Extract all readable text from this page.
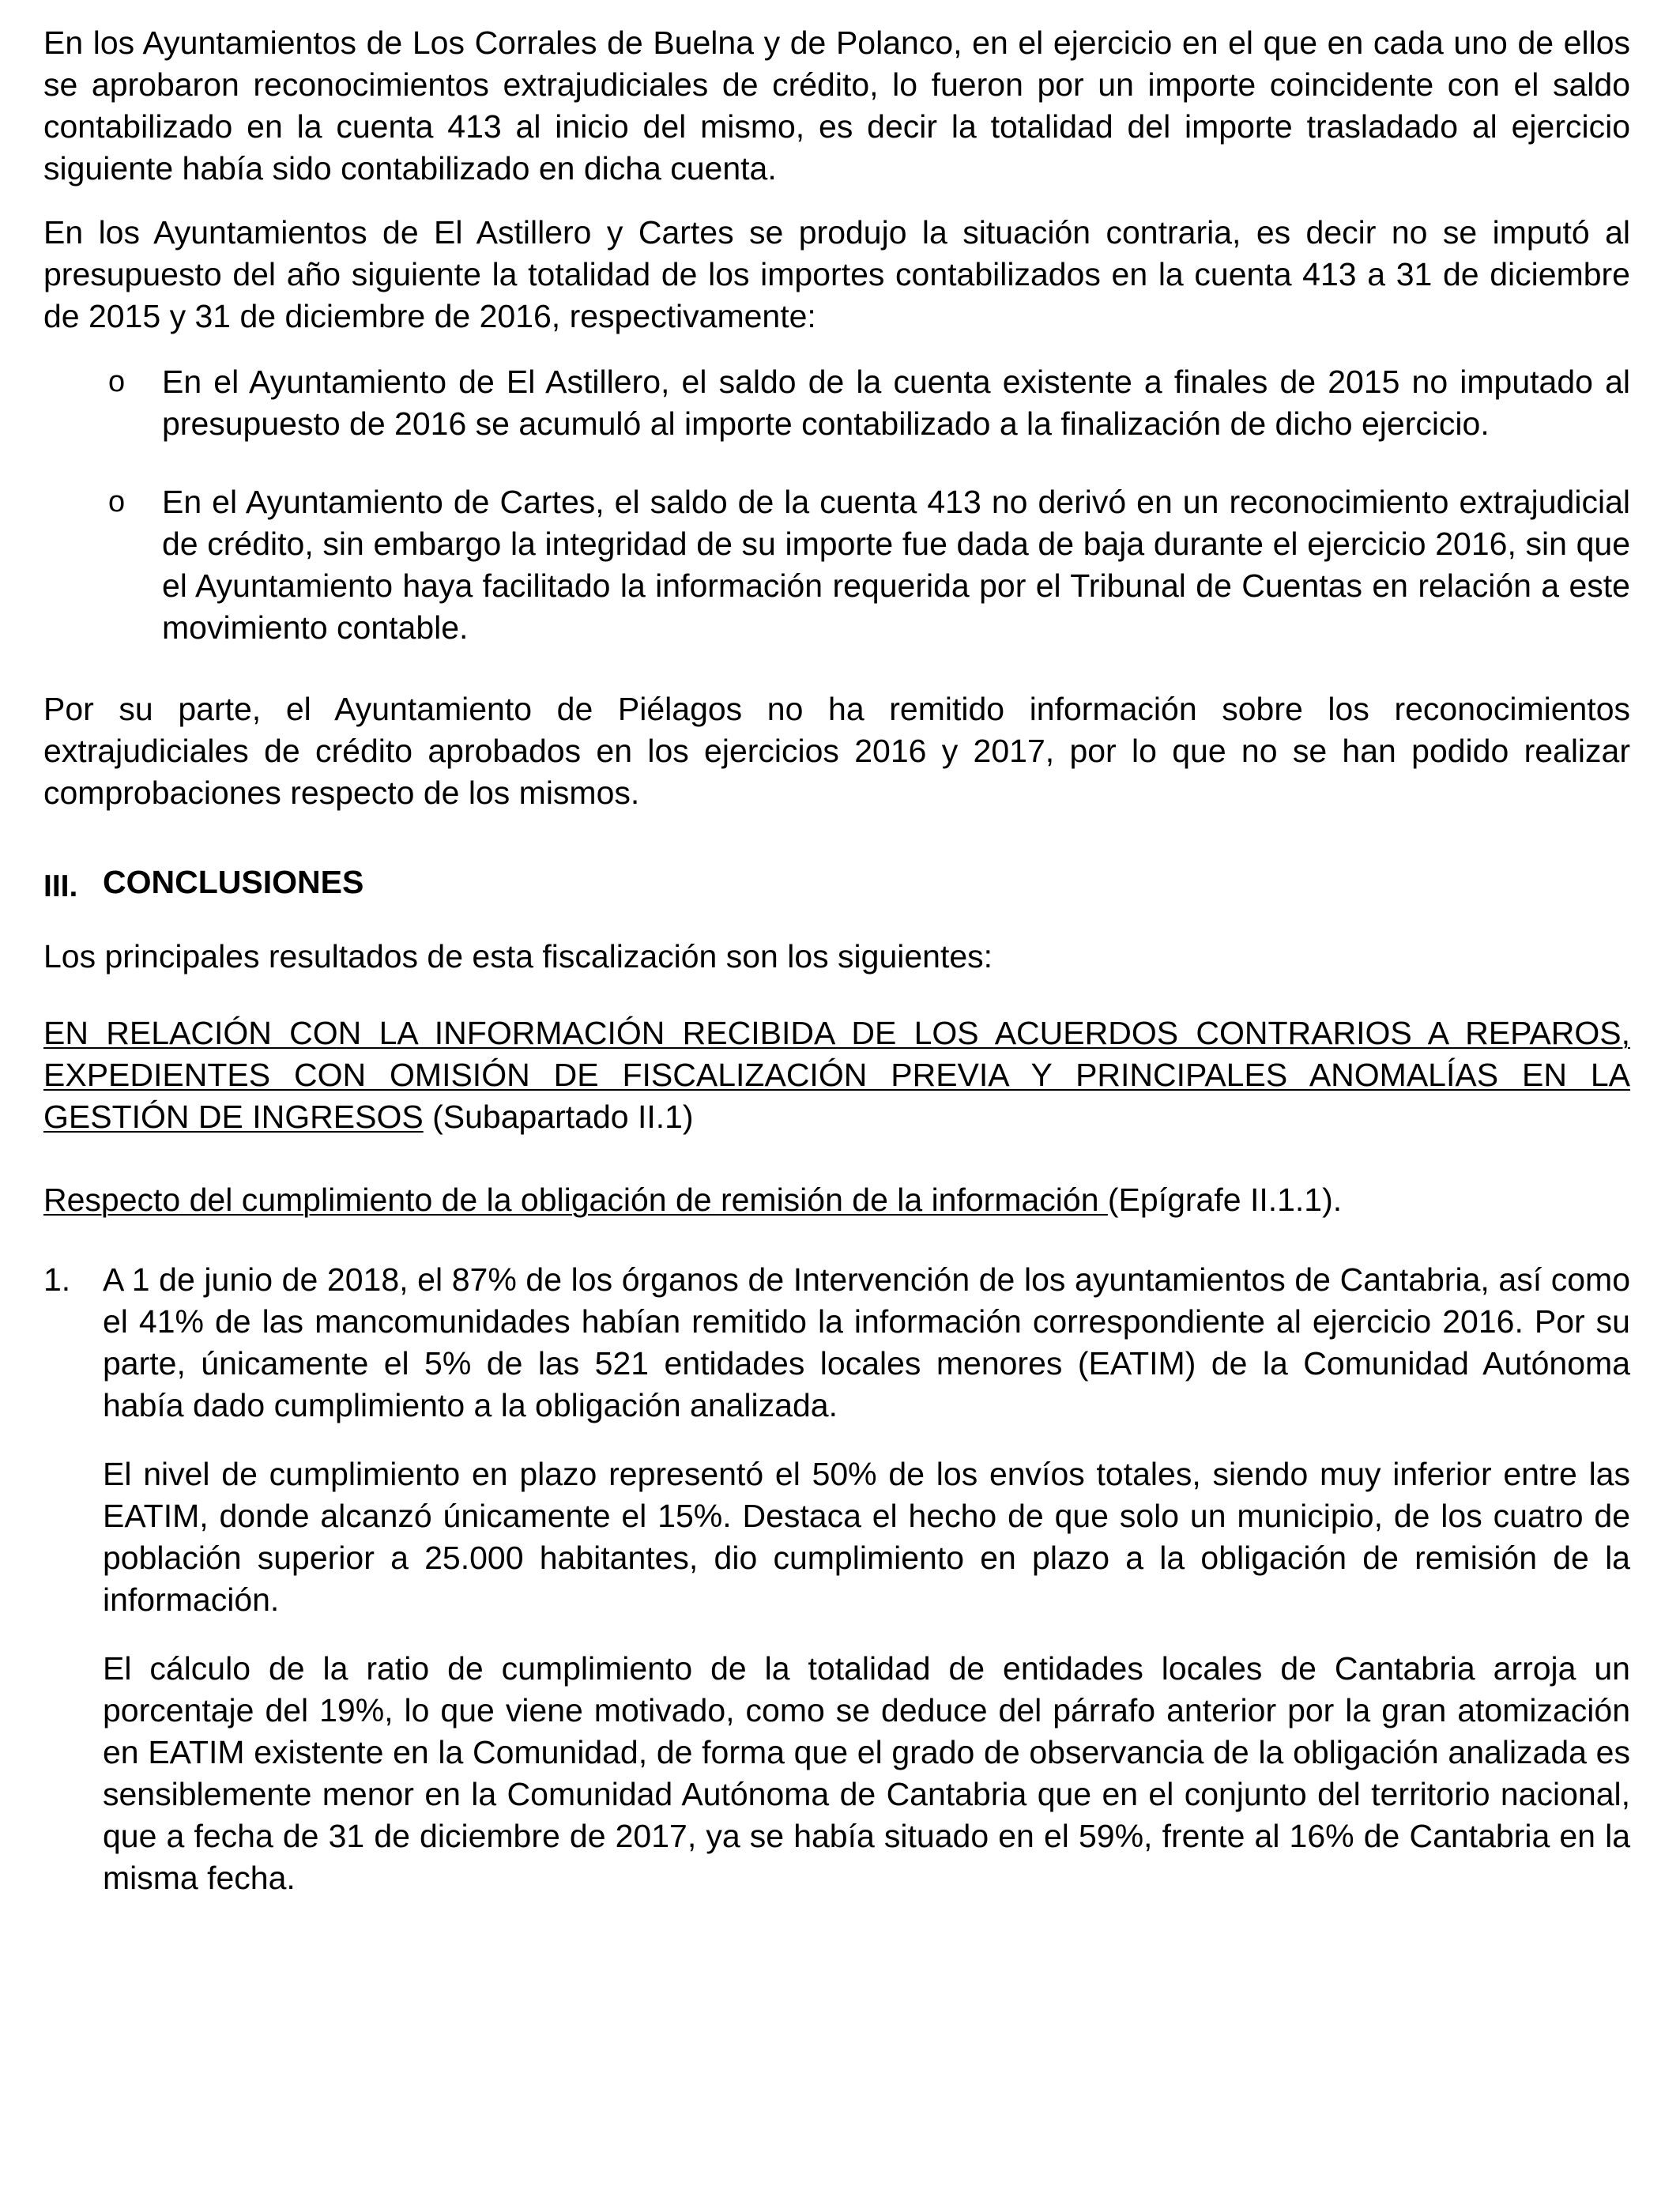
En los Ayuntamientos de Los Corrales de Buelna y de Polanco, en el ejercicio en el que en cada uno de ellos se aprobaron reconocimientos extrajudiciales de crédito, lo fueron por un importe coincidente con el saldo contabilizado en la cuenta 413 al inicio del mismo, es decir la totalidad del importe trasladado al ejercicio siguiente había sido contabilizado en dicha cuenta.

En los Ayuntamientos de El Astillero y Cartes se produjo la situación contraria, es decir no se imputó al presupuesto del año siguiente la totalidad de los importes contabilizados en la cuenta 413 a 31 de diciembre de 2015 y 31 de diciembre de 2016, respectivamente:

o En el Ayuntamiento de El Astillero, el saldo de la cuenta existente a finales de 2015 no imputado al presupuesto de 2016 se acumuló al importe contabilizado a la finalización de dicho ejercicio.

o En el Ayuntamiento de Cartes, el saldo de la cuenta 413 no derivó en un reconocimiento extrajudicial de crédito, sin embargo la integridad de su importe fue dada de baja durante el ejercicio 2016, sin que el Ayuntamiento haya facilitado la información requerida por el Tribunal de Cuentas en relación a este movimiento contable.

Por su parte, el Ayuntamiento de Piélagos no ha remitido información sobre los reconocimientos extrajudiciales de crédito aprobados en los ejercicios 2016 y 2017, por lo que no se han podido realizar comprobaciones respecto de los mismos.

III. CONCLUSIONES

Los principales resultados de esta fiscalización son los siguientes:

EN RELACIÓN CON LA INFORMACIÓN RECIBIDA DE LOS ACUERDOS CONTRARIOS A REPAROS, EXPEDIENTES CON OMISIÓN DE FISCALIZACIÓN PREVIA Y PRINCIPALES ANOMALÍAS EN LA GESTIÓN DE INGRESOS (Subapartado II.1)

Respecto del cumplimiento de la obligación de remisión de la información (Epígrafe II.1.1).

1. A 1 de junio de 2018, el 87% de los órganos de Intervención de los ayuntamientos de Cantabria, así como el 41% de las mancomunidades habían remitido la información correspondiente al ejercicio 2016. Por su parte, únicamente el 5% de las 521 entidades locales menores (EATIM) de la Comunidad Autónoma había dado cumplimiento a la obligación analizada.

El nivel de cumplimiento en plazo representó el 50% de los envíos totales, siendo muy inferior entre las EATIM, donde alcanzó únicamente el 15%. Destaca el hecho de que solo un municipio, de los cuatro de población superior a 25.000 habitantes, dio cumplimiento en plazo a la obligación de remisión de la información.

El cálculo de la ratio de cumplimiento de la totalidad de entidades locales de Cantabria arroja un porcentaje del 19%, lo que viene motivado, como se deduce del párrafo anterior por la gran atomización en EATIM existente en la Comunidad, de forma que el grado de observancia de la obligación analizada es sensiblemente menor en la Comunidad Autónoma de Cantabria que en el conjunto del territorio nacional, que a fecha de 31 de diciembre de 2017, ya se había situado en el 59%, frente al 16% de Cantabria en la misma fecha.
